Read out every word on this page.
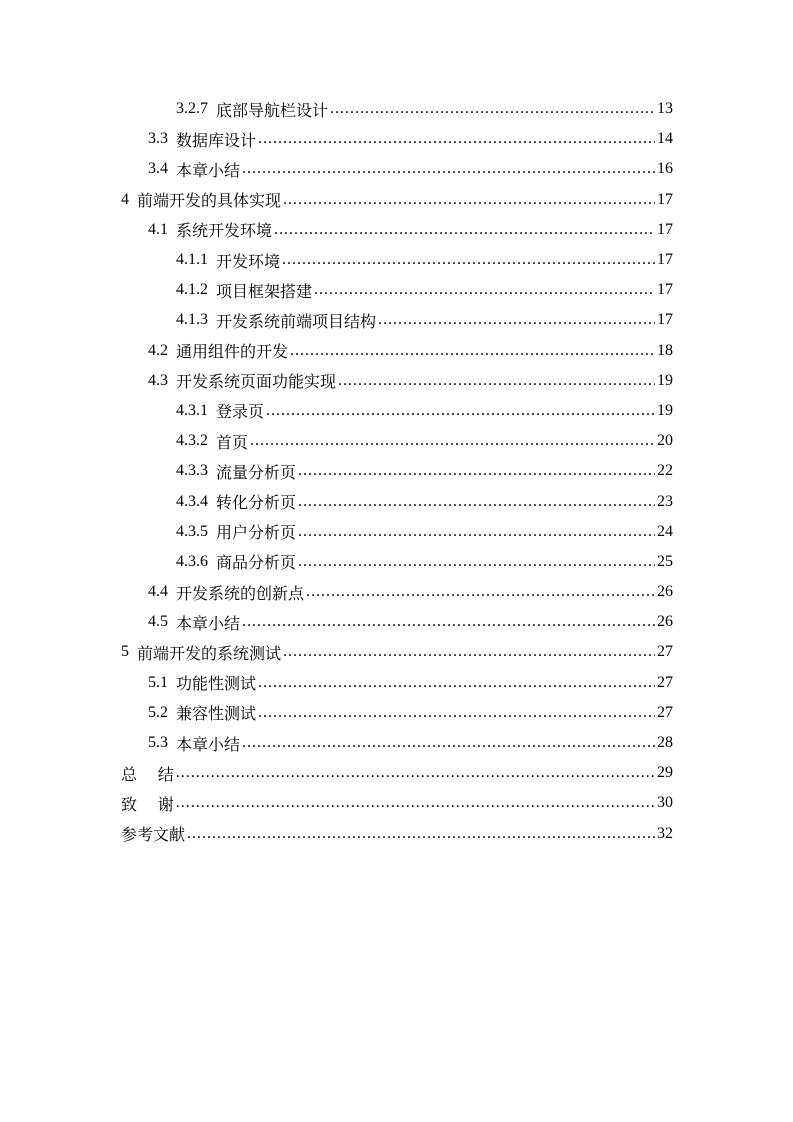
3.2.7 底部导航栏设计 .....	13
3.3 数据库设计 .....	14
3.4 本章小结 .....	16
4 前端开发的具体实现 .....	17
4.1 系统开发环境 .....	17
4.1.1 开发环境 .....	17
4.1.2 项目框架搭建 .....	17
4.1.3 开发系统前端项目结构 .....	17
4.2 通用组件的开发 .....	18
4.3 开发系统页面功能实现 .....	19
4.3.1 登录页 .....	19
4.3.2 首页 .....	20
4.3.3 流量分析页 .....	22
4.3.4 转化分析页 .....	23
4.3.5 用户分析页 .....	24
4.3.6 商品分析页 .....	25
4.4 开发系统的创新点 .....	26
4.5 本章小结 .....	26
5 前端开发的系统测试 .....	27
5.1 功能性测试 .....	27
5.2 兼容性测试 .....	27
5.3 本章小结 .....	28
总 结 .....	29
致 谢 .....	30
参考文献 .....	32
